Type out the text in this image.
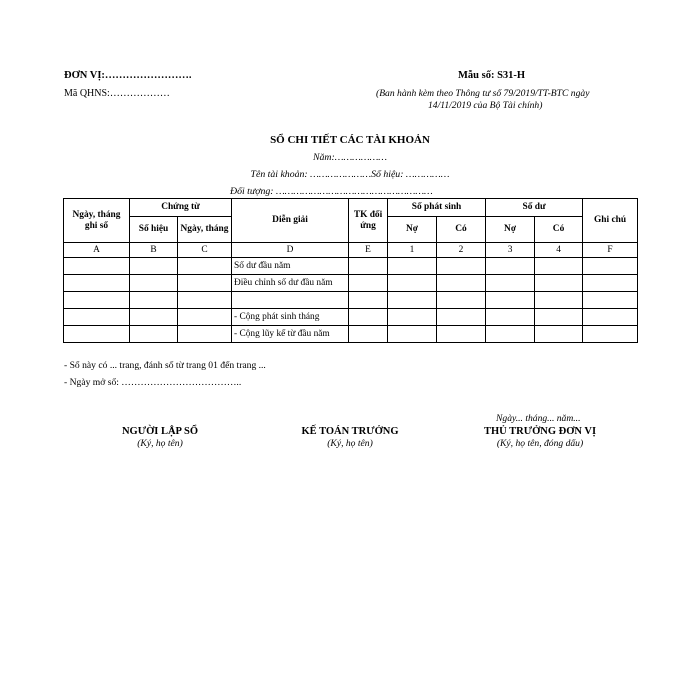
ĐƠN VỊ:…………………….
Mã QHNS:………………
Mẫu số: S31-H
(Ban hành kèm theo Thông tư số 79/2019/TT-BTC ngày
14/11/2019 của Bộ Tài chính)
SỔ CHI TIẾT CÁC TÀI KHOẢN
Năm:………………
Tên tài khoản: …………………Số hiệu: ……………
Đối tượng: ………………………………………………
Ngày, tháng ghi sổ	Chứng từ		Diễn giải	TK đối ứng	Số phát sinh		Số dư		Ghi chú
	Số hiệu	Ngày, tháng			Nợ	Có	Nợ	Có	
A	B	C	D	E	1	2	3	4	F
			Số dư đầu năm						
			Điều chỉnh số dư đầu năm						

			- Cộng phát sinh tháng						
			- Cộng lũy kế từ đầu năm						
- Sổ này có ... trang, đánh số từ trang 01 đến trang ...
- Ngày mở sổ: ………………………………..
Ngày... tháng... năm...
NGƯỜI LẬP SỔ
(Ký, họ tên)
KẾ TOÁN TRƯỞNG
(Ký, họ tên)
THỦ TRƯỞNG ĐƠN VỊ
(Ký, họ tên, đóng dấu)
